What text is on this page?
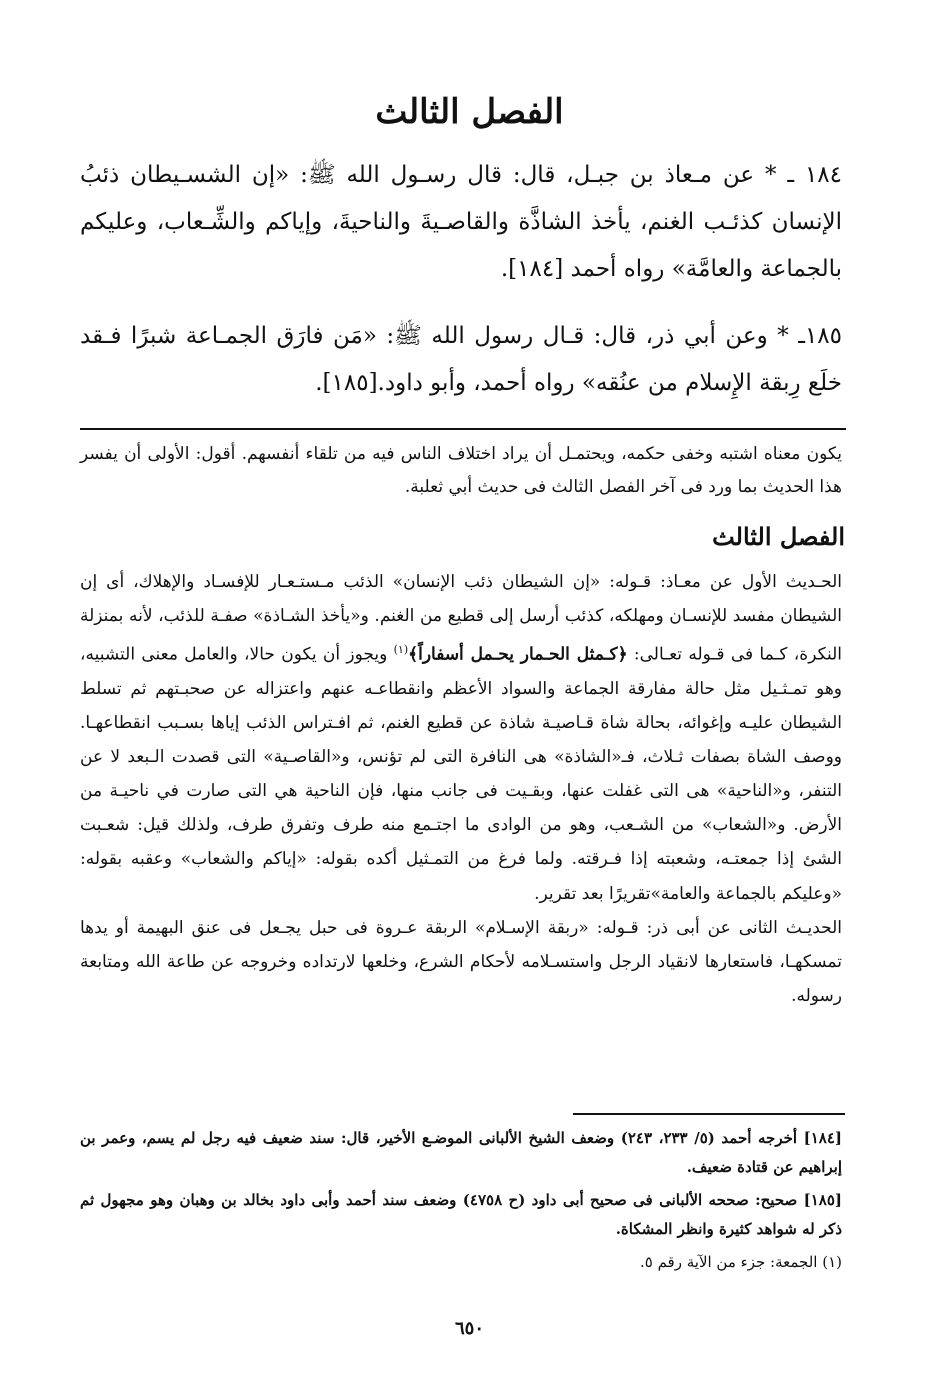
الفصل الثالث

١٨٤ ـ * عن مـعاذ بن جبـل، قال: قال رسـول الله ﷺ: «إن الشسـيطان ذئبُ الإنسان كذئـب الغنم، يأخذ الشاذَّة والقاصـيةَ والناحيةَ، وإياكم والشِّـعاب، وعليكم بالجماعة والعامَّة» رواه أحمد [١٨٤].

١٨٥ـ * وعن أبي ذر، قال: قـال رسول الله ﷺ: «مَن فارَق الجمـاعة شبرًا فـقد خلَع رِبقة الإِسلام من عنُقه» رواه أحمد، وأبو داود.[١٨٥].

يكون معناه اشتبه وخفى حكمه، ويحتمـل أن يراد اختلاف الناس فيه من تلقاء أنفسهم. أقول: الأولى أن يفسر هذا الحديث بما ورد فى آخر الفصل الثالث فى حديث أبي ثعلبة.

الفصل الثالث

الحـديث الأول عن معـاذ: قـوله: «إن الشيطان ذئب الإنسان» الذئب مـستـعـار للإفسـاد والإهلاك، أى إن الشيطان مفسد للإنسـان ومهلكه، كذئب أرسل إلى قطيع من الغنم. و«يأخذ الشـاذة» صفـة للذئب، لأنه بمنزلة النكرة، كـما فى قـوله تعـالى: ﴿كـمثل الحـمار يحـمل أسفاراً﴾$^{(١)}$ ويجوز أن يكون حالا، والعامل معنى التشبيه، وهو تمـثـيل مثل حالة مفارقة الجماعة والسواد الأعظم وانقطاعـه عنهم واعتزاله عن صحبـتهم ثم تسلط الشيطان عليـه وإغوائه، بحالة شاة قـاصيـة شاذة عن قطيع الغنم، ثم افـتراس الذئب إياها بسـبب انقطاعهـا. ووصف الشاة بصفات ثـلاث، فـ«الشاذة» هى النافرة التى لم تؤنس، و«القاصـية» التى قصدت الـبعد لا عن التنفر، و«الناحية» هى التى غفلت عنها، وبقـيت فى جانب منها، فإن الناحية هي التى صارت في ناحيـة من الأرض. و«الشعاب» من الشـعب، وهو من الوادى ما اجتـمع منه طرف وتفرق طرف، ولذلك قيل: شعـبت الشئ إذا جمعتـه، وشعبته إذا فـرقته. ولما فرغ من التمـثيل أكده بقوله: «إياكم والشعاب» وعقبه بقوله: «وعليكم بالجماعة والعامة»تقريرًا بعد تقرير.

الحديـث الثانى عن أبى ذر: قـوله: «ربقة الإسـلام» الربقة عـروة فى حبل يجـعل فى عنق البهيمة أو يدها تمسكهـا، فاستعارها لانقياد الرجل واستسـلامه لأحكام الشرع، وخلعها لارتداده وخروجه عن طاعة الله ومتابعة رسوله.

[١٨٤] أخرجه أحمد (٥/ ٢٣٣، ٢٤٣) وضعف الشيخ الألبانى الموضـع الأخير، قال: سند ضعيف فيه رجل لم يسم، وعمر بن إبراهيم عن قتادة ضعيف.

[١٨٥] صحيح: صححه الألبانى فى صحيح أبى داود (ح ٤٧٥٨) وضعف سند أحمد وأبى داود بخالد بن وهبان وهو مجهول ثم ذكر له شواهد كثيرة وانظر المشكاة.

(١) الجمعة: جزء من الآية رقم ٥.

٦٥٠
